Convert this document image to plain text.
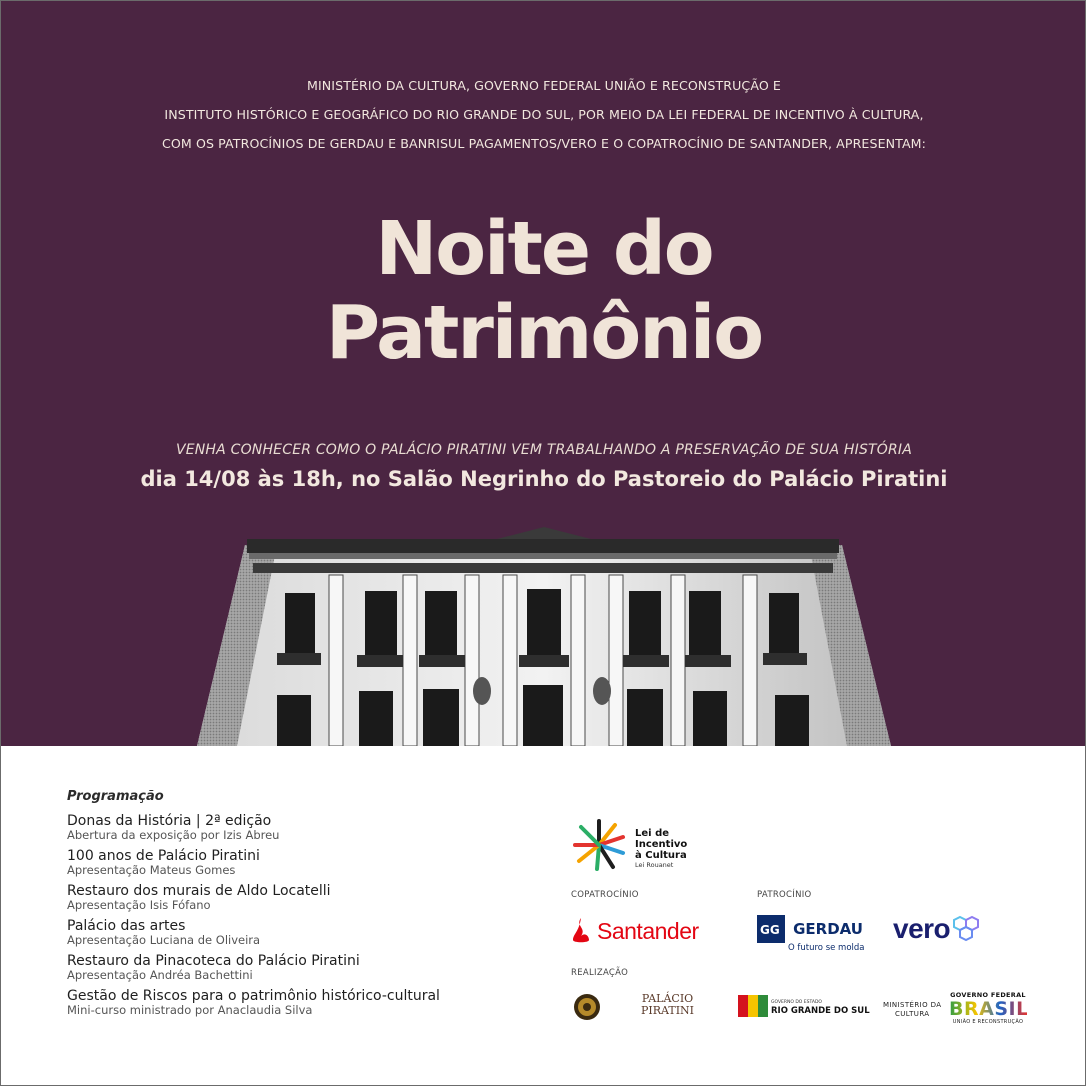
MINISTÉRIO DA CULTURA, GOVERNO FEDERAL UNIÃO E RECONSTRUÇÃO E
INSTITUTO HISTÓRICO E GEOGRÁFICO DO RIO GRANDE DO SUL, POR MEIO DA LEI FEDERAL DE INCENTIVO À CULTURA,
COM OS PATROCÍNIOS DE GERDAU E BANRISUL PAGAMENTOS/VERO E O COPATROCÍNIO DE SANTANDER, APRESENTAM:
Noite do
Patrimônio
VENHA CONHECER COMO O PALÁCIO PIRATINI VEM TRABALHANDO A PRESERVAÇÃO DE SUA HISTÓRIA
dia 14/08 às 18h, no Salão Negrinho do Pastoreio do Palácio Piratini
Programação
Donas da História | 2ª edição
Abertura da exposição por Izis Abreu
100 anos de Palácio Piratini
Apresentação Mateus Gomes
Restauro dos murais de Aldo Locatelli
Apresentação Isis Fófano
Palácio das artes
Apresentação Luciana de Oliveira
Restauro da Pinacoteca do Palácio Piratini
Apresentação Andréa Bachettini
Gestão de Riscos para o patrimônio histórico-cultural
Mini-curso ministrado por Anaclaudia Silva
Lei de
Incentivo
à Cultura
Lei Rouanet
COPATROCÍNIO	PATROCÍNIO
Santander	GG GERDAU
O futuro se molda
vero
REALIZAÇÃO
PALÁCIO
PIRATINI
GOVERNO DO ESTADO
RIO GRANDE DO SUL
MINISTÉRIO DA
CULTURA
GOVERNO FEDERAL
BRASIL
UNIÃO E RECONSTRUÇÃO
